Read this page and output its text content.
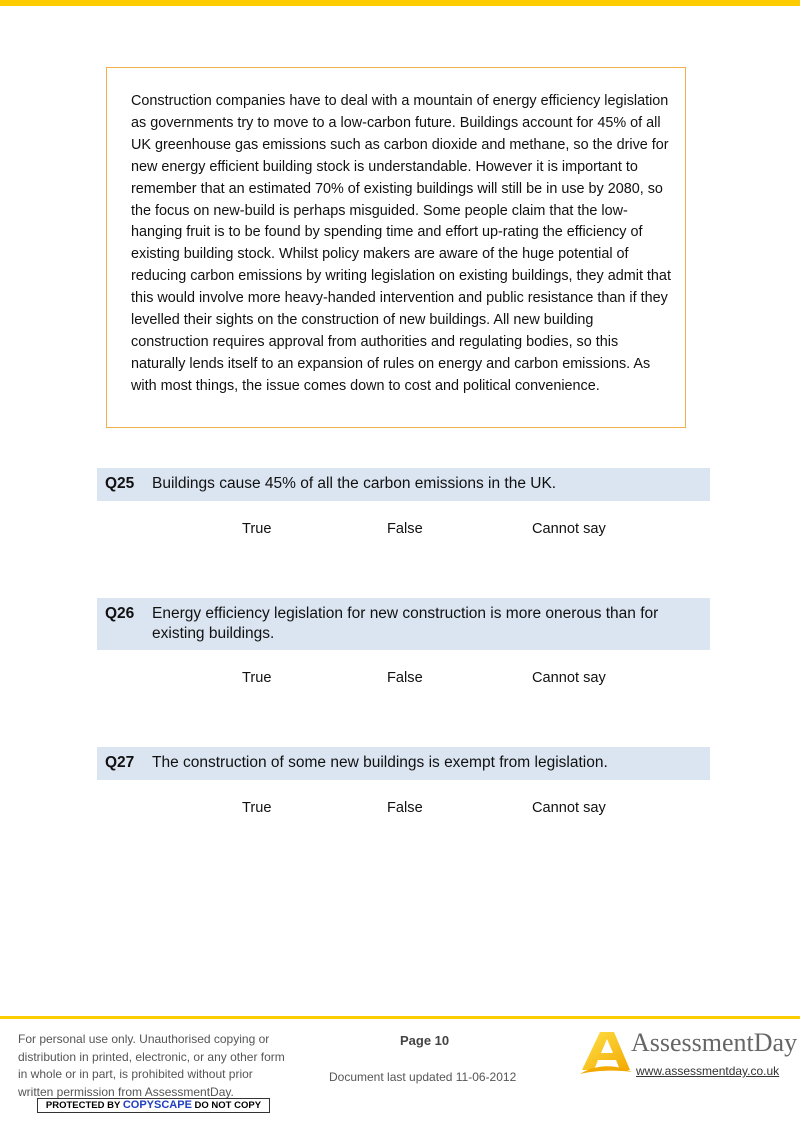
Construction companies have to deal with a mountain of energy efficiency legislation as governments try to move to a low-carbon future. Buildings account for 45% of all UK greenhouse gas emissions such as carbon dioxide and methane, so the drive for new energy efficient building stock is understandable. However it is important to remember that an estimated 70% of existing buildings will still be in use by 2080, so the focus on new-build is perhaps misguided. Some people claim that the low-hanging fruit is to be found by spending time and effort up-rating the efficiency of existing building stock. Whilst policy makers are aware of the huge potential of reducing carbon emissions by writing legislation on existing buildings, they admit that this would involve more heavy-handed intervention and public resistance than if they levelled their sights on the construction of new buildings. All new building construction requires approval from authorities and regulating bodies, so this naturally lends itself to an expansion of rules on energy and carbon emissions. As with most things, the issue comes down to cost and political convenience.

Q25 Buildings cause 45% of all the carbon emissions in the UK.
True	False	Cannot say
Q26 Energy efficiency legislation for new construction is more onerous than for existing buildings.
True	False	Cannot say
Q27 The construction of some new buildings is exempt from legislation.
True	False	Cannot say
For personal use only. Unauthorised copying or distribution in printed, electronic, or any other form in whole or in part, is prohibited without prior written permission from AssessmentDay.
PROTECTED BY COPYSCAPE DO NOT COPY
Page 10
Document last updated 11-06-2012
AssessmentDay
www.assessmentday.co.uk
